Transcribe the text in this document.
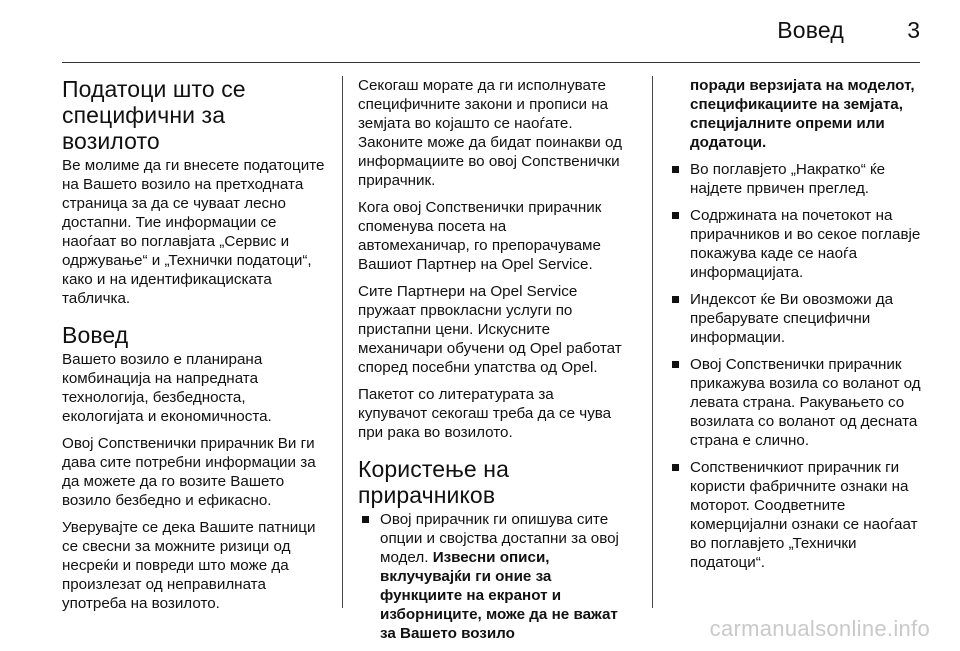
Вовед	3
Податоци што се специфични за возилото

Ве молиме да ги внесете податоците на Вашето возило на претходната страница за да се чуваат лесно достапни. Тие информации се наоѓаат во поглавјата „Сервис и одржување“ и „Технички податоци“, како и на идентификациската табличка.

Вовед

Вашето возило е планирана комбинација на напредната технологија, безбедноста, екологијата и економичноста.

Овој Сопственички прирачник Ви ги дава сите потребни информации за да можете да го возите Вашето возило безбедно и ефикасно.

Уверувајте се дека Вашите патници се свесни за можните ризици од несреќи и повреди што може да произлезат од неправилната употреба на возилото.

Секогаш морате да ги исполнувате специфичните закони и прописи на земјата во којашто се наоѓате. Законите може да бидат поинакви од информациите во овој Сопственички прирачник.

Кога овој Сопственички прирачник споменува посета на автомеханичар, го препорачуваме Вашиот Партнер на Opel Service.

Сите Партнери на Opel Service пружаат првокласни услуги по пристапни цени. Искусните механичари обучени од Opel работат според посебни упатства од Opel.

Пакетот со литературата за купувачот секогаш треба да се чува при рака во возилото.

Користење на прирачников
Овој прирачник ги опишува сите опции и својства достапни за овој модел. Извесни описи, вклучувајќи ги оние за функциите на екранот и изборниците, може да не важат за Вашето возило

поради верзијата на моделот, спецификациите на земјата, специјалните опреми или додатоци.

Во поглавјето „Накратко“ ќе најдете првичен преглед.
Содржината на почетокот на прирачников и во секое поглавје покажува каде се наоѓа информацијата.
Индексот ќе Ви овозможи да пребарувате специфични информации.
Овој Сопственички прирачник прикажува возила со воланот од левата страна. Ракувањето со возилата со воланот од десната страна е слично.
Сопственичкиот прирачник ги користи фабричните ознаки на моторот. Соодветните комерцијални ознаки се наоѓаат во поглавјето „Технички податоци“.
carmanualsonline.info
